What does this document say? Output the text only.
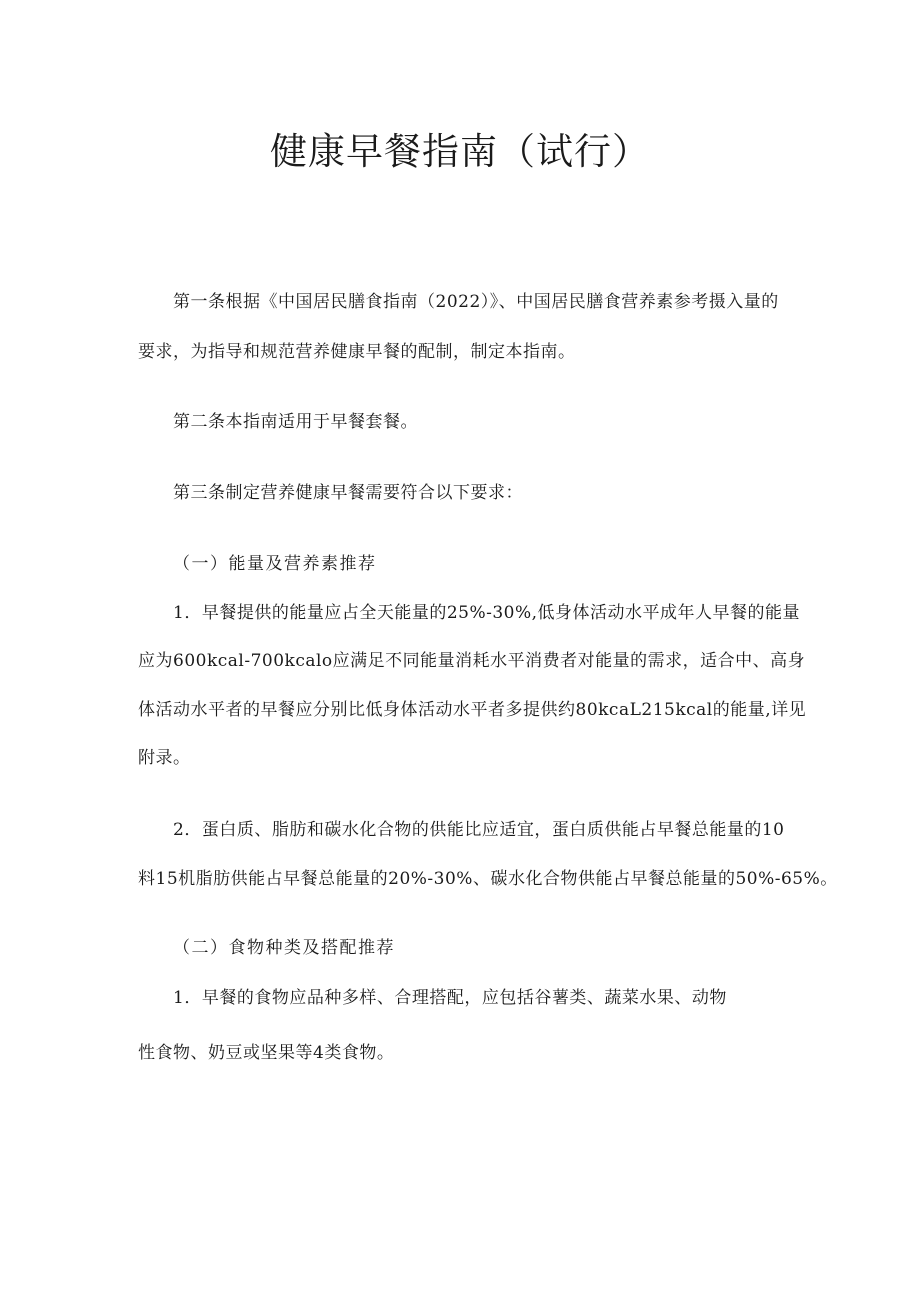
健康早餐指南（试行）

第一条根据《中国居民膳食指南（2022）》、中国居民膳食营养素参考摄入量的

要求，为指导和规范营养健康早餐的配制，制定本指南。

第二条本指南适用于早餐套餐。

第三条制定营养健康早餐需要符合以下要求：

（一）能量及营养素推荐

1．早餐提供的能量应占全天能量的25%-30%,低身体活动水平成年人早餐的能量

应为600kcal-700kcalo应满足不同能量消耗水平消费者对能量的需求，适合中、高身

体活动水平者的早餐应分别比低身体活动水平者多提供约80kcaL215kcal的能量,详见

附录。

2．蛋白质、脂肪和碳水化合物的供能比应适宜，蛋白质供能占早餐总能量的10

料15机脂肪供能占早餐总能量的20%-30%、碳水化合物供能占早餐总能量的50%-65%。

（二）食物种类及搭配推荐

1．早餐的食物应品种多样、合理搭配，应包括谷薯类、蔬菜水果、动物

性食物、奶豆或坚果等4类食物。
